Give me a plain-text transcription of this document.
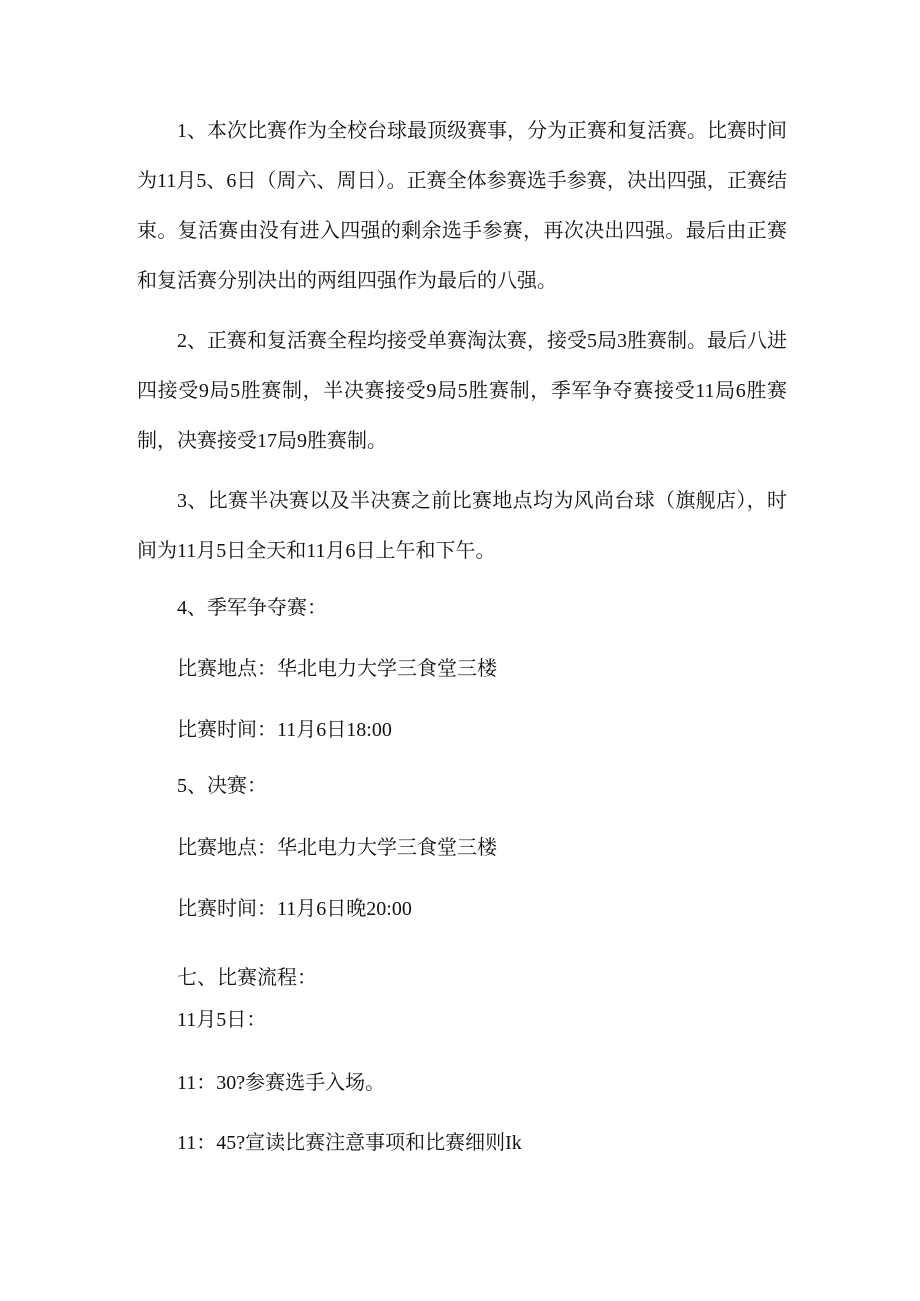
1、本次比赛作为全校台球最顶级赛事，分为正赛和复活赛。比赛时间为11月5、6日（周六、周日）。正赛全体参赛选手参赛，决出四强，正赛结束。复活赛由没有进入四强的剩余选手参赛，再次决出四强。最后由正赛和复活赛分别决出的两组四强作为最后的八强。

2、正赛和复活赛全程均接受单赛淘汰赛，接受5局3胜赛制。最后八进四接受9局5胜赛制，半决赛接受9局5胜赛制，季军争夺赛接受11局6胜赛制，决赛接受17局9胜赛制。

3、比赛半决赛以及半决赛之前比赛地点均为风尚台球（旗舰店），时间为11月5日全天和11月6日上午和下午。

4、季军争夺赛：
比赛地点：华北电力大学三食堂三楼
比赛时间：11月6日18:00
5、决赛：
比赛地点：华北电力大学三食堂三楼
比赛时间：11月6日晚20:00
七、比赛流程：
11月5日：
11：30?参赛选手入场。
11：45?宣读比赛注意事项和比赛细则Ik
